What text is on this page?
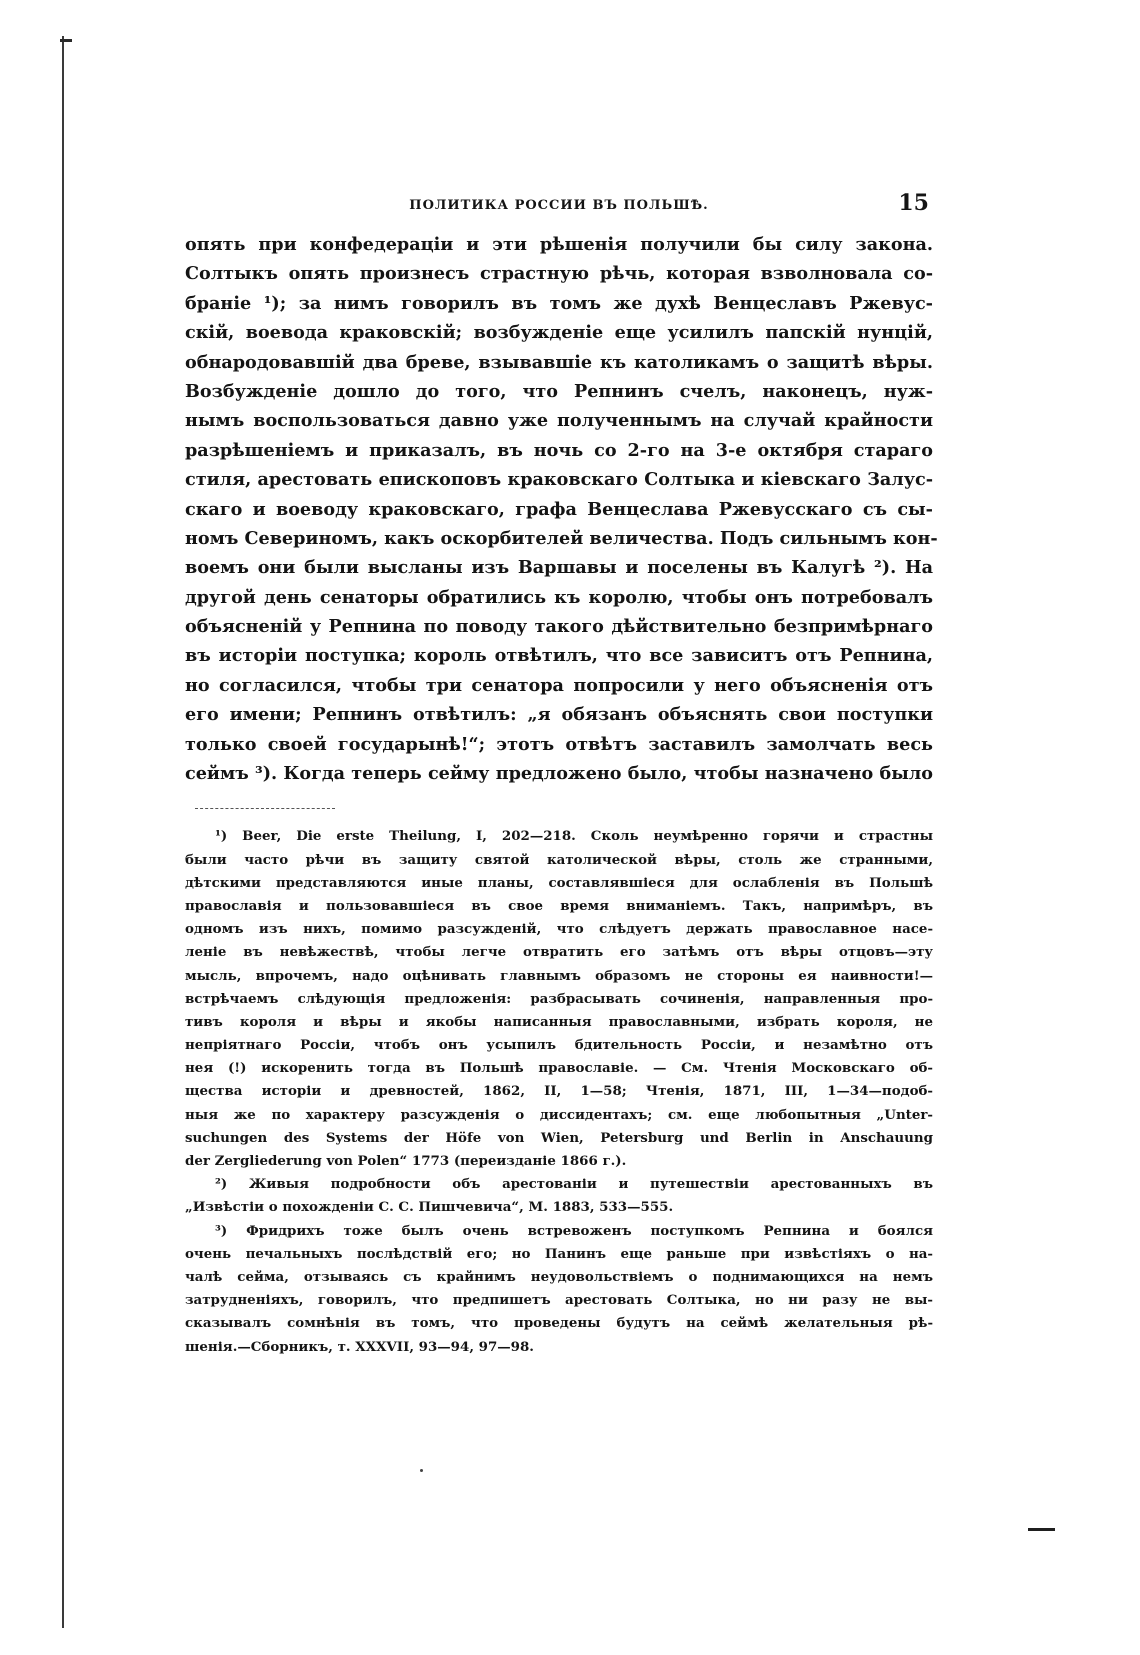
ПОЛИТИКА РОССИИ ВЪ ПОЛЬШѢ.	15
опять при конфедераціи и эти рѣшенія получили бы силу закона.
Солтыкъ опять произнесъ страстную рѣчь, которая взволновала со-
браніе ¹); за нимъ говорилъ въ томъ же духѣ Венцеславъ Ржевус-
скій, воевода краковскій; возбужденіе еще усилилъ папскій нунцій,
обнародовавшій два бреве, взывавшіе къ католикамъ о защитѣ вѣры.
Возбужденіе дошло до того, что Репнинъ счелъ, наконецъ, нуж-
нымъ воспользоваться давно уже полученнымъ на случай крайности
разрѣшеніемъ и приказалъ, въ ночь со 2-го на 3-е октября стараго
стиля, арестовать епископовъ краковскаго Солтыка и кіевскаго Залус-
скаго и воеводу краковскаго, графа Венцеслава Ржевусскаго съ сы-
номъ Севериномъ, какъ оскорбителей величества. Подъ сильнымъ кон-
воемъ они были высланы изъ Варшавы и поселены въ Калугѣ ²). На
другой день сенаторы обратились къ королю, чтобы онъ потребовалъ
объясненій у Репнина по поводу такого дѣйствительно безпримѣрнаго
въ исторіи поступка; король отвѣтилъ, что все зависитъ отъ Репнина,
но согласился, чтобы три сенатора попросили у него объясненія отъ
его имени; Репнинъ отвѣтилъ: „я обязанъ объяснять свои поступки
только своей государынѣ!“; этотъ отвѣтъ заставилъ замолчать весь
сеймъ ³). Когда теперь сейму предложено было, чтобы назначено было
¹) Beer, Die erste Theilung, I, 202—218. Сколь неумѣренно горячи и страстны
были часто рѣчи въ защиту святой католической вѣры, столь же странными,
дѣтскими представляются иные планы, составлявшіеся для ослабленія въ Польшѣ
православія и пользовавшіеся въ свое время вниманіемъ. Такъ, напримѣръ, въ
одномъ изъ нихъ, помимо разсужденій, что слѣдуетъ держать православное насе-
леніе въ невѣжествѣ, чтобы легче отвратить его затѣмъ отъ вѣры отцовъ—эту
мысль, впрочемъ, надо оцѣнивать главнымъ образомъ не стороны ея наивности!—
встрѣчаемъ слѣдующія предложенія: разбрасывать сочиненія, направленныя про-
тивъ короля и вѣры и якобы написанныя православными, избрать короля, не
непріятнаго Россіи, чтобъ онъ усыпилъ бдительность Россіи, и незамѣтно отъ
нея (!) искоренить тогда въ Польшѣ православіе. — См. Чтенія Московскаго об-
щества исторіи и древностей, 1862, II, 1—58; Чтенія, 1871, III, 1—34—подоб-
ныя же по характеру разсужденія о диссидентахъ; см. еще любопытныя „Unter-
suchungen des Systems der Höfe von Wien, Petersburg und Berlin in Anschauung
der Zergliederung von Polen“ 1773 (переизданіе 1866 г.).
²) Живыя подробности объ арестованіи и путешествіи арестованныхъ въ
„Извѣстіи о похожденіи С. С. Пишчевича“, М. 1883, 533—555.
³) Фридрихъ тоже былъ очень встревоженъ поступкомъ Репнина и боялся
очень печальныхъ послѣдствій его; но Панинъ еще раньше при извѣстіяхъ о на-
чалѣ сейма, отзываясь съ крайнимъ неудовольствіемъ о поднимающихся на немъ
затрудненіяхъ, говорилъ, что предпишетъ арестовать Солтыка, но ни разу не вы-
сказывалъ сомнѣнія въ томъ, что проведены будутъ на сеймѣ желательныя рѣ-
шенія.—Сборникъ, т. XXXVII, 93—94, 97—98.
